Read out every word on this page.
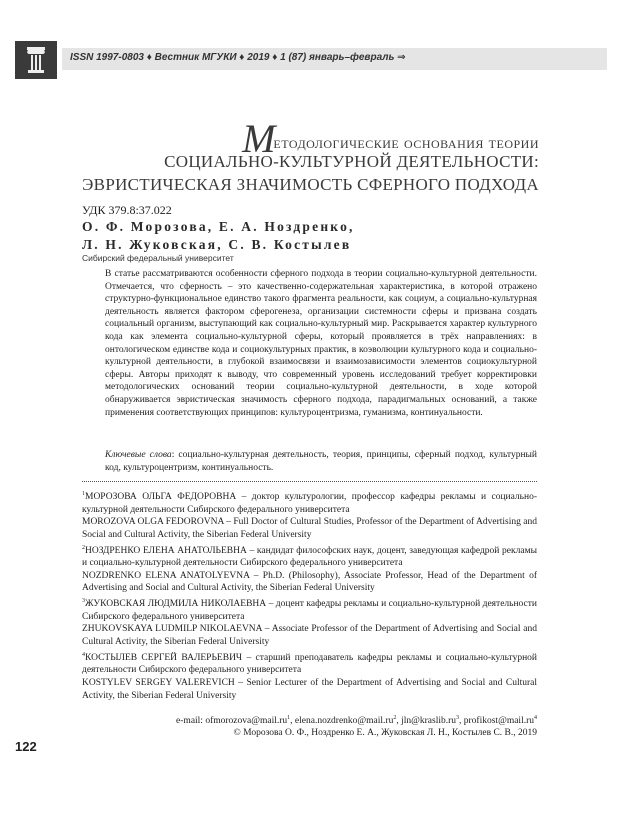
ISSN 1997-0803 ♦ Вестник МГУКИ ♦ 2019 ♦ 1 (87) январь–февраль ⇒
Методологические основания теории
СОЦИАЛЬНО-КУЛЬТУРНОЙ ДЕЯТЕЛЬНОСТИ:
ЭВРИСТИЧЕСКАЯ ЗНАЧИМОСТЬ СФЕРНОГО ПОДХОДА
УДК 379.8:37.022
О. Ф. Морозова, Е. А. Ноздренко,
Л. Н. Жуковская, С. В. Костылев
Сибирский федеральный университет
В статье рассматриваются особенности сферного подхода в теории социально-культурной деятельности. Отмечается, что сферность – это качественно-содержательная характеристика, в которой отражено структурно-функциональное единство такого фрагмента реальности, как социум, а социально-культурная деятельность является фактором сферогенеза, организации системности сферы и призвана создать социальный организм, выступающий как социально-культурный мир. Раскрывается характер культурного кода как элемента социально-культурной сферы, который проявляется в трёх направлениях: в онтологическом единстве кода и социокультурных практик, в коэволюции культурного кода и социально-культурной деятельности, в глубокой взаимосвязи и взаимозависимости элементов социокультурной сферы. Авторы приходят к выводу, что современный уровень исследований требует корректировки методологических оснований теории социально-культурной деятельности, в ходе которой обнаруживается эвристическая значимость сферного подхода, парадигмальных оснований, а также применения соответствующих принципов: культуроцентризма, гуманизма, континуальности.
Ключевые слова: социально-культурная деятельность, теория, принципы, сферный подход, культурный код, культуроцентризм, континуальность.
$^1$МОРОЗОВА ОЛЬГА ФЕДОРОВНА – доктор культурологии, профессор кафедры рекламы и социально-культурной деятельности Сибирского федерального университета
MOROZOVA OLGA FEDOROVNA – Full Doctor of Cultural Studies, Professor of the Department of Advertising and Social and Cultural Activity, the Siberian Federal University
$^2$НОЗДРЕНКО ЕЛЕНА АНАТОЛЬЕВНА – кандидат философских наук, доцент, заведующая кафедрой рекламы и социально-культурной деятельности Сибирского федерального университета
NOZDRENKO ELENA ANATOLYEVNA – Ph.D. (Philosophy), Associate Professor, Head of the Department of Advertising and Social and Cultural Activity, the Siberian Federal University
$^3$ЖУКОВСКАЯ ЛЮДМИЛА НИКОЛАЕВНА – доцент кафедры рекламы и социально-культурной деятельности Сибирского федерального университета
ZHUKOVSKAYA LUDMILP NIKOLAEVNA – Associate Professor of the Department of Advertising and Social and Cultural Activity, the Siberian Federal University
$^4$КОСТЫЛЕВ СЕРГЕЙ ВАЛЕРЬЕВИЧ – старший преподаватель кафедры рекламы и социально-культурной деятельности Сибирского федерального университета
KOSTYLEV SERGEY VALEREVICH – Senior Lecturer of the Department of Advertising and Social and Cultural Activity, the Siberian Federal University
e-mail: $ofmorozova@mail.ru^1$, $elena.nozdrenko@mail.ru^2$, $jln@kraslib.ru^3$, $profikost@mail.ru^4$
© Морозова О. Ф., Ноздренко Е. А., Жуковская Л. Н., Костылев С. В., 2019
122
